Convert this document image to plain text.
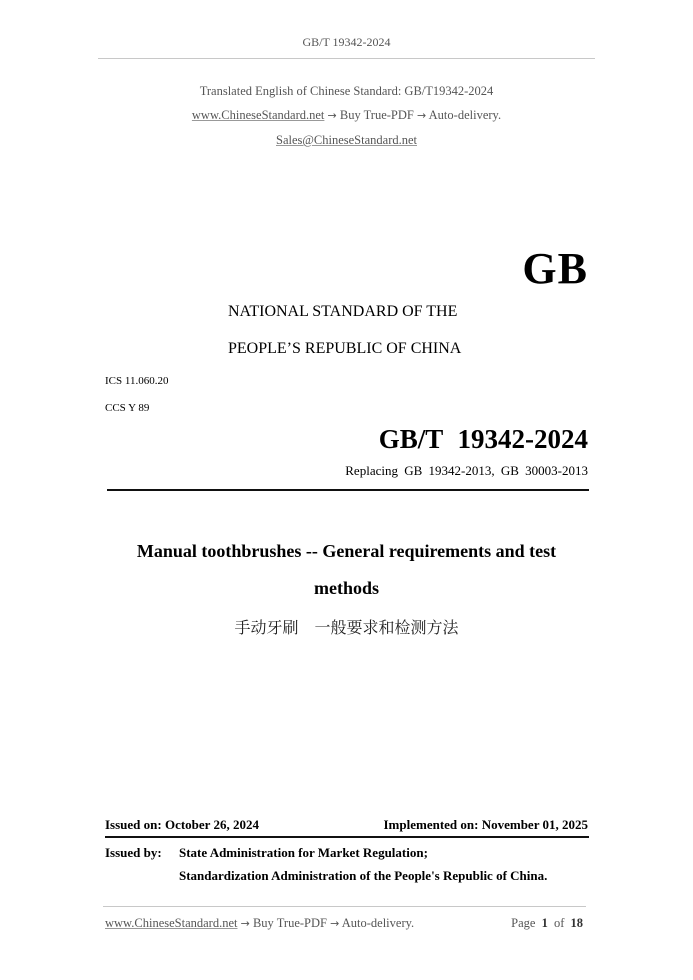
GB/T 19342-2024
Translated English of Chinese Standard: GB/T19342-2024
www.ChineseStandard.net → Buy True-PDF → Auto-delivery.
Sales@ChineseStandard.net
GB
NATIONAL STANDARD OF THE
PEOPLE’S REPUBLIC OF CHINA
ICS 11.060.20
CCS Y 89
GB/T 19342-2024
Replacing GB 19342-2013, GB 30003-2013
Manual toothbrushes -- General requirements and test
methods
手动牙刷　一般要求和检测方法
Issued on: October 26, 2024	Implemented on: November 01, 2025
Issued by: State Administration for Market Regulation;
Standardization Administration of the People's Republic of China.
www.ChineseStandard.net → Buy True-PDF → Auto-delivery.	Page 1 of 18
